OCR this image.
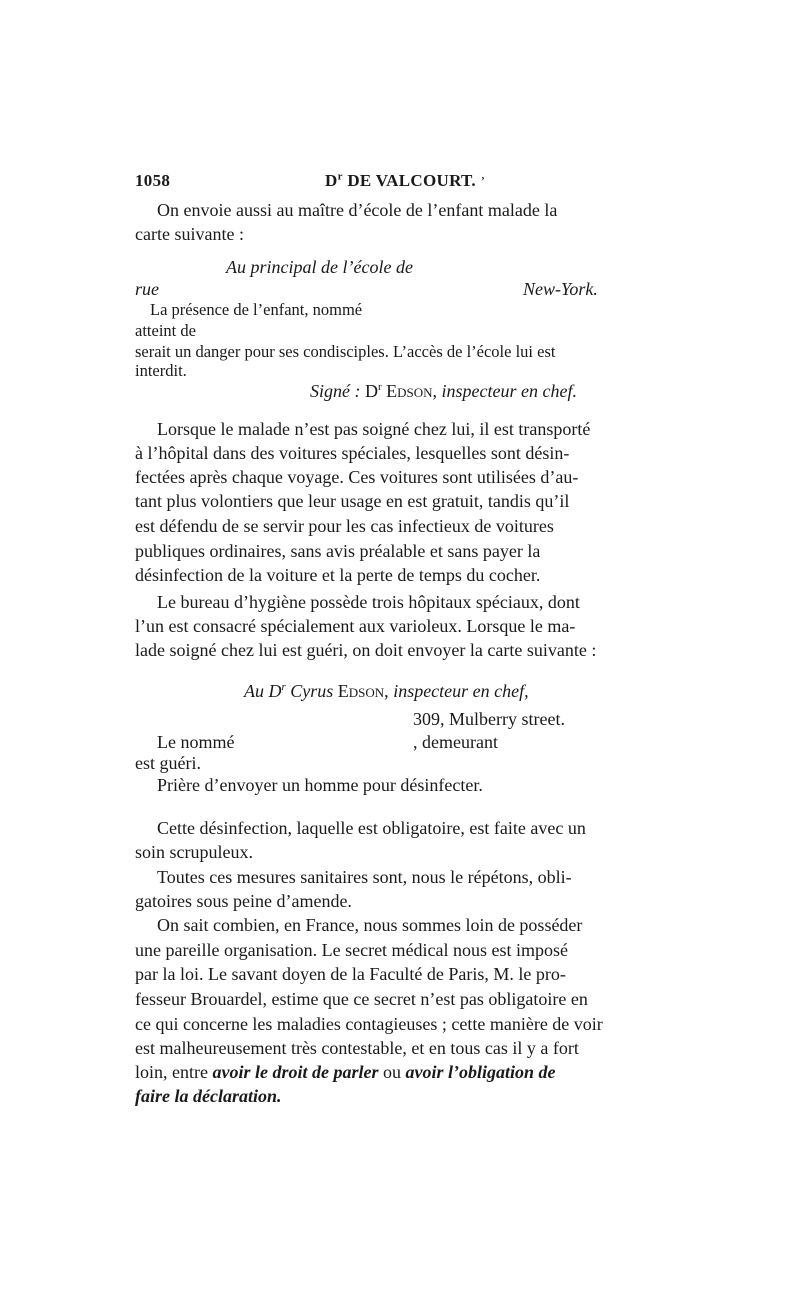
1058	$D^r$ DE VALCOURT. ’
On envoie aussi au maître d’école de l’enfant malade la
carte suivante :
Au principal de l’école de
rue	New-York.
La présence de l’enfant, nommé
atteint de
serait un danger pour ses condisciples. L’accès de l’école lui est
interdit.
Signé : $D^r$ Edson, inspecteur en chef.
Lorsque le malade n’est pas soigné chez lui, il est transporté
à l’hôpital dans des voitures spéciales, lesquelles sont désin-
fectées après chaque voyage. Ces voitures sont utilisées d’au-
tant plus volontiers que leur usage en est gratuit, tandis qu’il
est défendu de se servir pour les cas infectieux de voitures
publiques ordinaires, sans avis préalable et sans payer la
désinfection de la voiture et la perte de temps du cocher.
Le bureau d’hygiène possède trois hôpitaux spéciaux, dont
l’un est consacré spécialement aux varioleux. Lorsque le ma-
lade soigné chez lui est guéri, on doit envoyer la carte suivante :
Au $D^r$ Cyrus Edson, inspecteur en chef,
309, Mulberry street.
Le nommé	, demeurant
est guéri.
Prière d’envoyer un homme pour désinfecter.
Cette désinfection, laquelle est obligatoire, est faite avec un
soin scrupuleux.
Toutes ces mesures sanitaires sont, nous le répétons, obli-
gatoires sous peine d’amende.
On sait combien, en France, nous sommes loin de posséder
une pareille organisation. Le secret médical nous est imposé
par la loi. Le savant doyen de la Faculté de Paris, M. le pro-
fesseur Brouardel, estime que ce secret n’est pas obligatoire en
ce qui concerne les maladies contagieuses ; cette manière de voir
est malheureusement très contestable, et en tous cas il y a fort
loin, entre avoir le droit de parler ou avoir l’obligation de
faire la déclaration.
